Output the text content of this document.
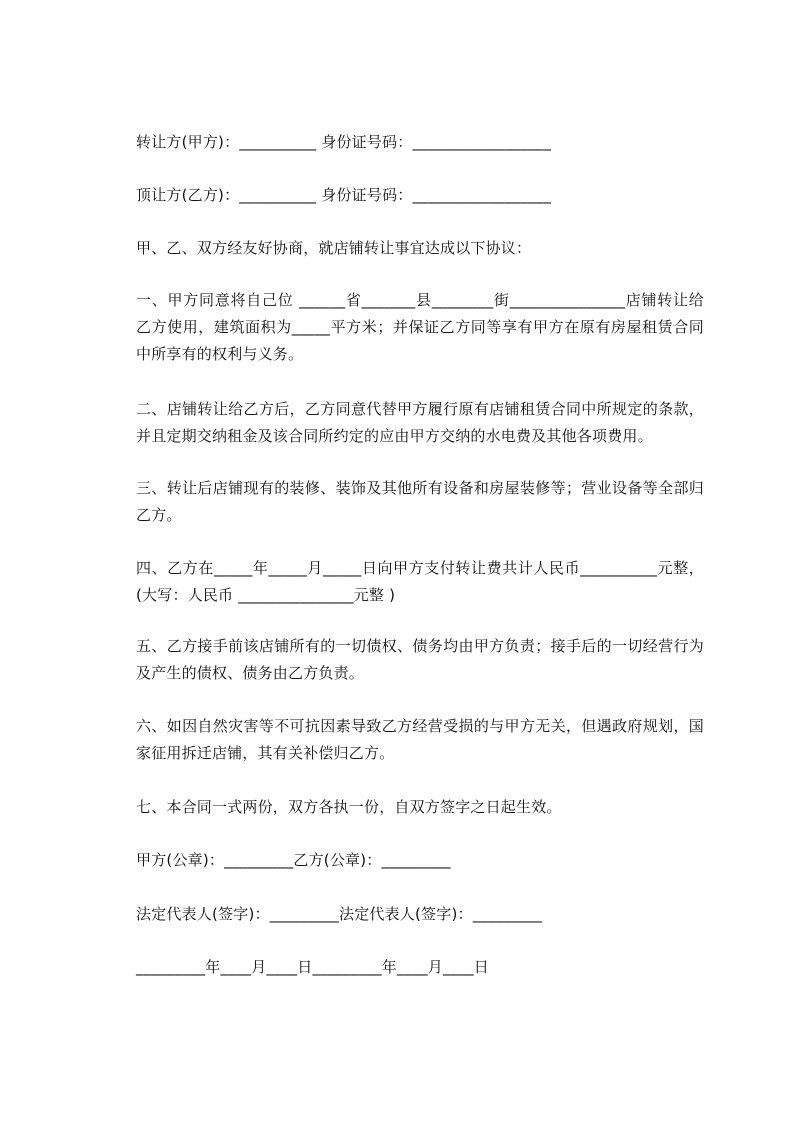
转让方(甲方)：__________ 身份证号码：__________________
顶让方(乙方)：__________ 身份证号码：__________________
甲、乙、双方经友好协商，就店铺转让事宜达成以下协议：
一、甲方同意将自己位 ______省_______县________街_______________店铺转让给乙方使用，建筑面积为_____平方米；并保证乙方同等享有甲方在原有房屋租赁合同中所享有的权利与义务。
二、店铺转让给乙方后，乙方同意代替甲方履行原有店铺租赁合同中所规定的条款，并且定期交纳租金及该合同所约定的应由甲方交纳的水电费及其他各项费用。
三、转让后店铺现有的装修、装饰及其他所有设备和房屋装修等；营业设备等全部归乙方。
四、乙方在_____年_____月_____日向甲方支付转让费共计人民币__________元整，(大写：人民币 _______________元整 )
五、乙方接手前该店铺所有的一切债权、债务均由甲方负责；接手后的一切经营行为及产生的债权、债务由乙方负责。
六、如因自然灾害等不可抗因素导致乙方经营受损的与甲方无关，但遇政府规划，国家征用拆迁店铺，其有关补偿归乙方。
七、本合同一式两份，双方各执一份，自双方签字之日起生效。
甲方(公章)：_________乙方(公章)：_________
法定代表人(签字)：_________法定代表人(签字)：_________
_________年____月____日_________年____月____日
